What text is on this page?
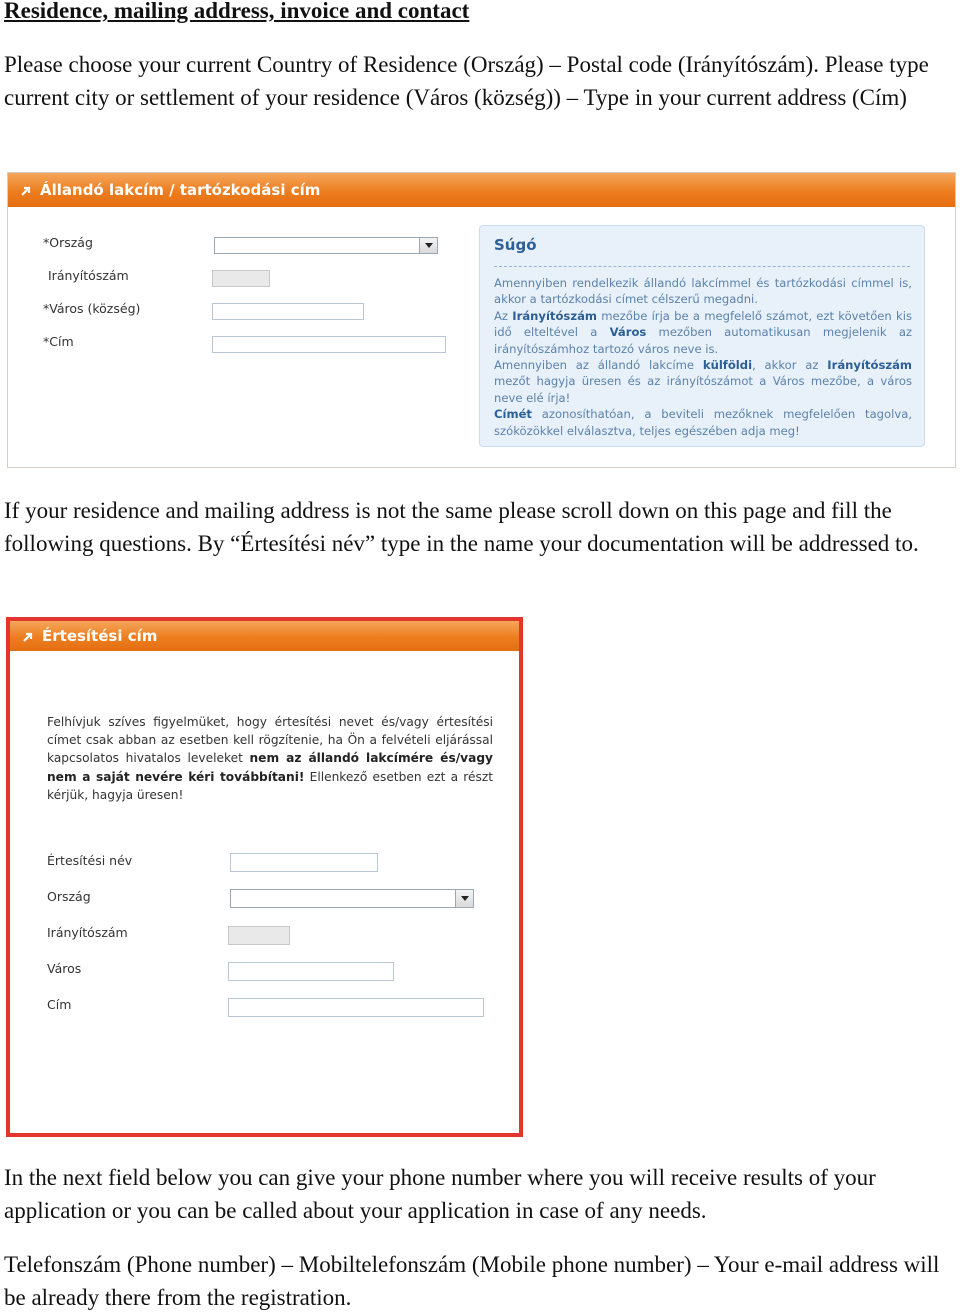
Residence, mailing address, invoice and contact

Please choose your current Country of Residence (Ország) – Postal code (Irányítószám). Please type current city or settlement of your residence (Város (község)) – Type in your current address (Cím)

Állandó lakcím / tartózkodási cím
*Ország
Irányítószám
*Város (község)
*Cím
Súgó

Amennyiben rendelkezik állandó lakcímmel és tartózkodási címmel is, akkor a tartózkodási címet célszerű megadni.
Az Irányítószám mezőbe írja be a megfelelő számot, ezt követően kis idő elteltével a Város mezőben automatikusan megjelenik az irányítószámhoz tartozó város neve is.
Amennyiben az állandó lakcíme külföldi, akkor az Irányítószám mezőt hagyja üresen és az irányítószámot a Város mezőbe, a város neve elé írja!
Címét azonosíthatóan, a beviteli mezőknek megfelelően tagolva, szóközökkel elválasztva, teljes egészében adja meg!

If your residence and mailing address is not the same please scroll down on this page and fill the following questions. By “Értesítési név” type in the name your documentation will be addressed to.

Értesítési cím

Felhívjuk szíves figyelmüket, hogy értesítési nevet és/vagy értesítési címet csak abban az esetben kell rögzítenie, ha Ön a felvételi eljárással kapcsolatos hivatalos leveleket nem az állandó lakcímére és/vagy nem a saját nevére kéri továbbítani! Ellenkező esetben ezt a részt kérjük, hagyja üresen!

Értesítési név
Ország
Irányítószám
Város
Cím

In the next field below you can give your phone number where you will receive results of your application or you can be called about your application in case of any needs.

Telefonszám (Phone number) – Mobiltelefonszám (Mobile phone number) – Your e-mail address will be already there from the registration.
